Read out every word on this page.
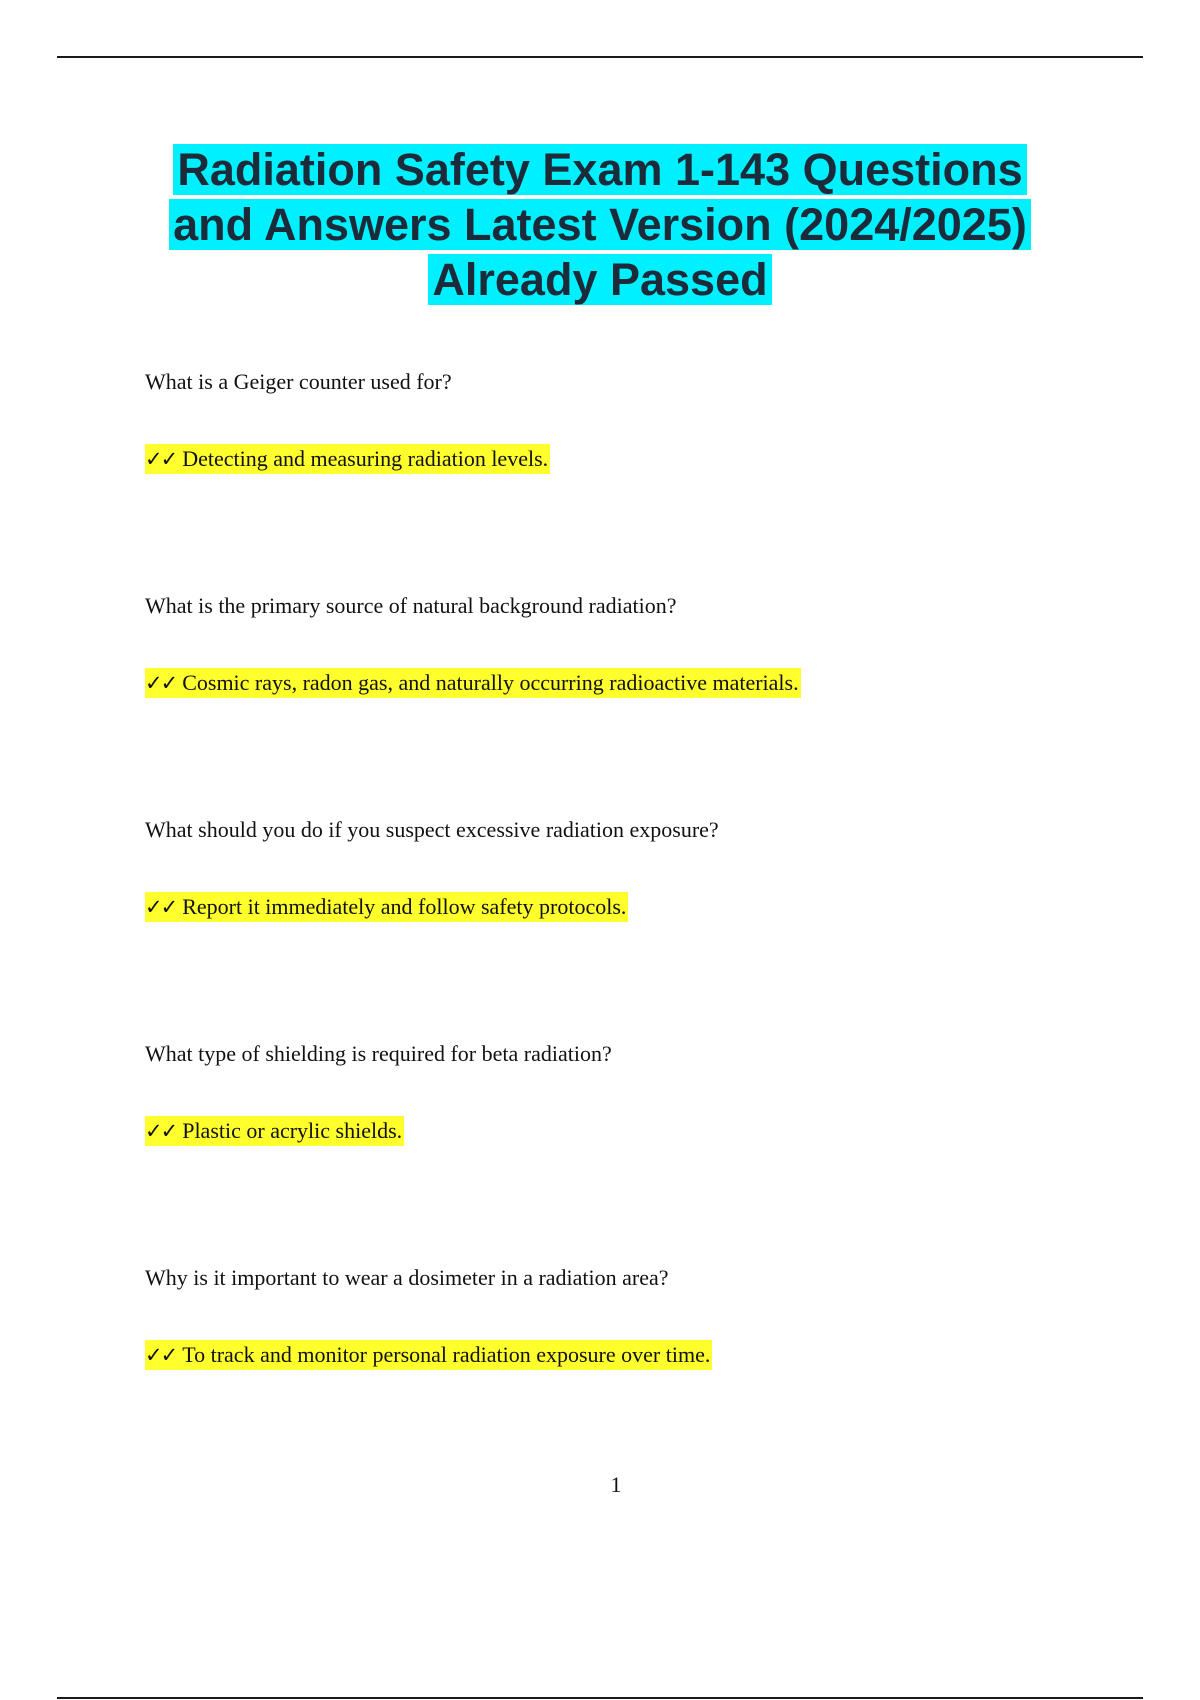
Radiation Safety Exam 1-143 Questions
and Answers Latest Version (2024/2025)
Already Passed

What is a Geiger counter used for?

✓✓ Detecting and measuring radiation levels.

What is the primary source of natural background radiation?

✓✓ Cosmic rays, radon gas, and naturally occurring radioactive materials.

What should you do if you suspect excessive radiation exposure?

✓✓ Report it immediately and follow safety protocols.

What type of shielding is required for beta radiation?

✓✓ Plastic or acrylic shields.

Why is it important to wear a dosimeter in a radiation area?

✓✓ To track and monitor personal radiation exposure over time.
1
